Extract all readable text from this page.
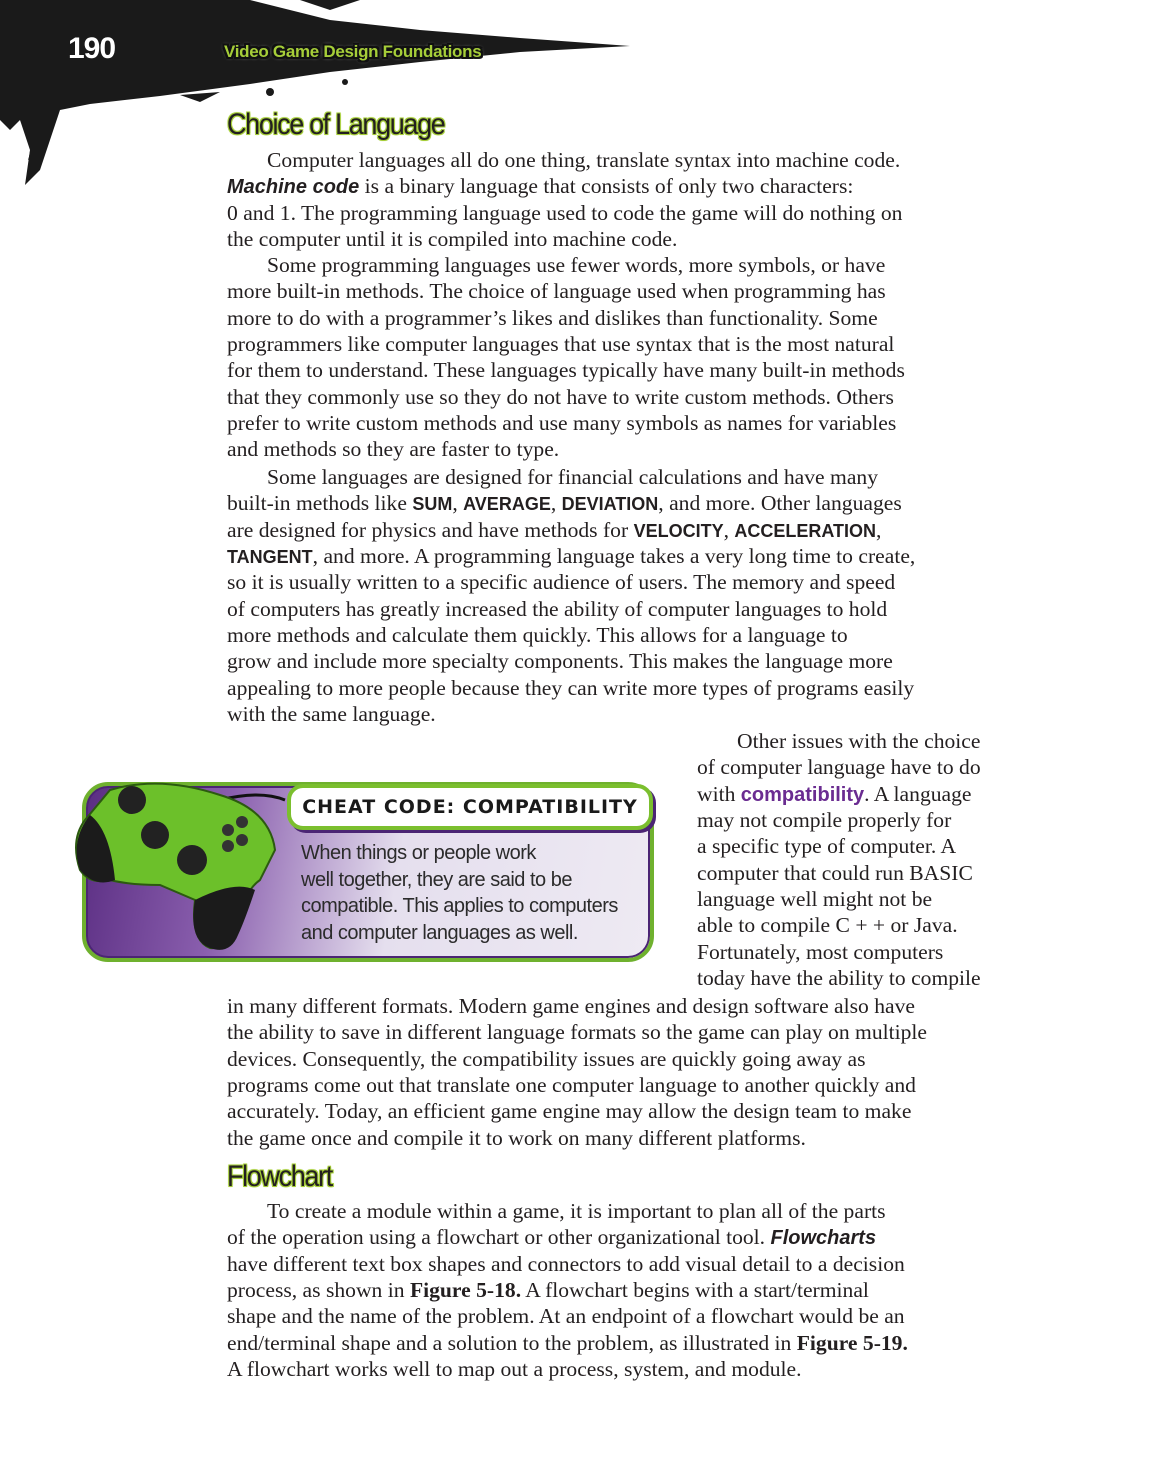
190	Video Game Design Foundations
Choice of Language
Computer languages all do one thing, translate syntax into machine code.
Machine code is a binary language that consists of only two characters:
0 and 1. The programming language used to code the game will do nothing on
the computer until it is compiled into machine code.
Some programming languages use fewer words, more symbols, or have
more built-in methods. The choice of language used when programming has
more to do with a programmer’s likes and dislikes than functionality. Some
programmers like computer languages that use syntax that is the most natural
for them to understand. These languages typically have many built-in methods
that they commonly use so they do not have to write custom methods. Others
prefer to write custom methods and use many symbols as names for variables
and methods so they are faster to type.
Some languages are designed for financial calculations and have many
built-in methods like SUM, AVERAGE, DEVIATION, and more. Other languages
are designed for physics and have methods for VELOCITY, ACCELERATION,
TANGENT, and more. A programming language takes a very long time to create,
so it is usually written to a specific audience of users. The memory and speed
of computers has greatly increased the ability of computer languages to hold
more methods and calculate them quickly. This allows for a language to
grow and include more specialty components. This makes the language more
appealing to more people because they can write more types of programs easily
with the same language.
Other issues with the choice
of computer language have to do
with compatibility. A language
may not compile properly for
a specific type of computer. A
computer that could run BASIC
language well might not be
able to compile C + + or Java.
Fortunately, most computers
today have the ability to compile
in many different formats. Modern game engines and design software also have
the ability to save in different language formats so the game can play on multiple
devices. Consequently, the compatibility issues are quickly going away as
programs come out that translate one computer language to another quickly and
accurately. Today, an efficient game engine may allow the design team to make
the game once and compile it to work on many different platforms.
CHEAT CODE: COMPATIBILITY
When things or people work
well together, they are said to be
compatible. This applies to computers
and computer languages as well.
Flowchart
To create a module within a game, it is important to plan all of the parts
of the operation using a flowchart or other organizational tool. Flowcharts
have different text box shapes and connectors to add visual detail to a decision
process, as shown in Figure 5-18. A flowchart begins with a start/terminal
shape and the name of the problem. At an endpoint of a flowchart would be an
end/terminal shape and a solution to the problem, as illustrated in Figure 5-19.
A flowchart works well to map out a process, system, and module.
